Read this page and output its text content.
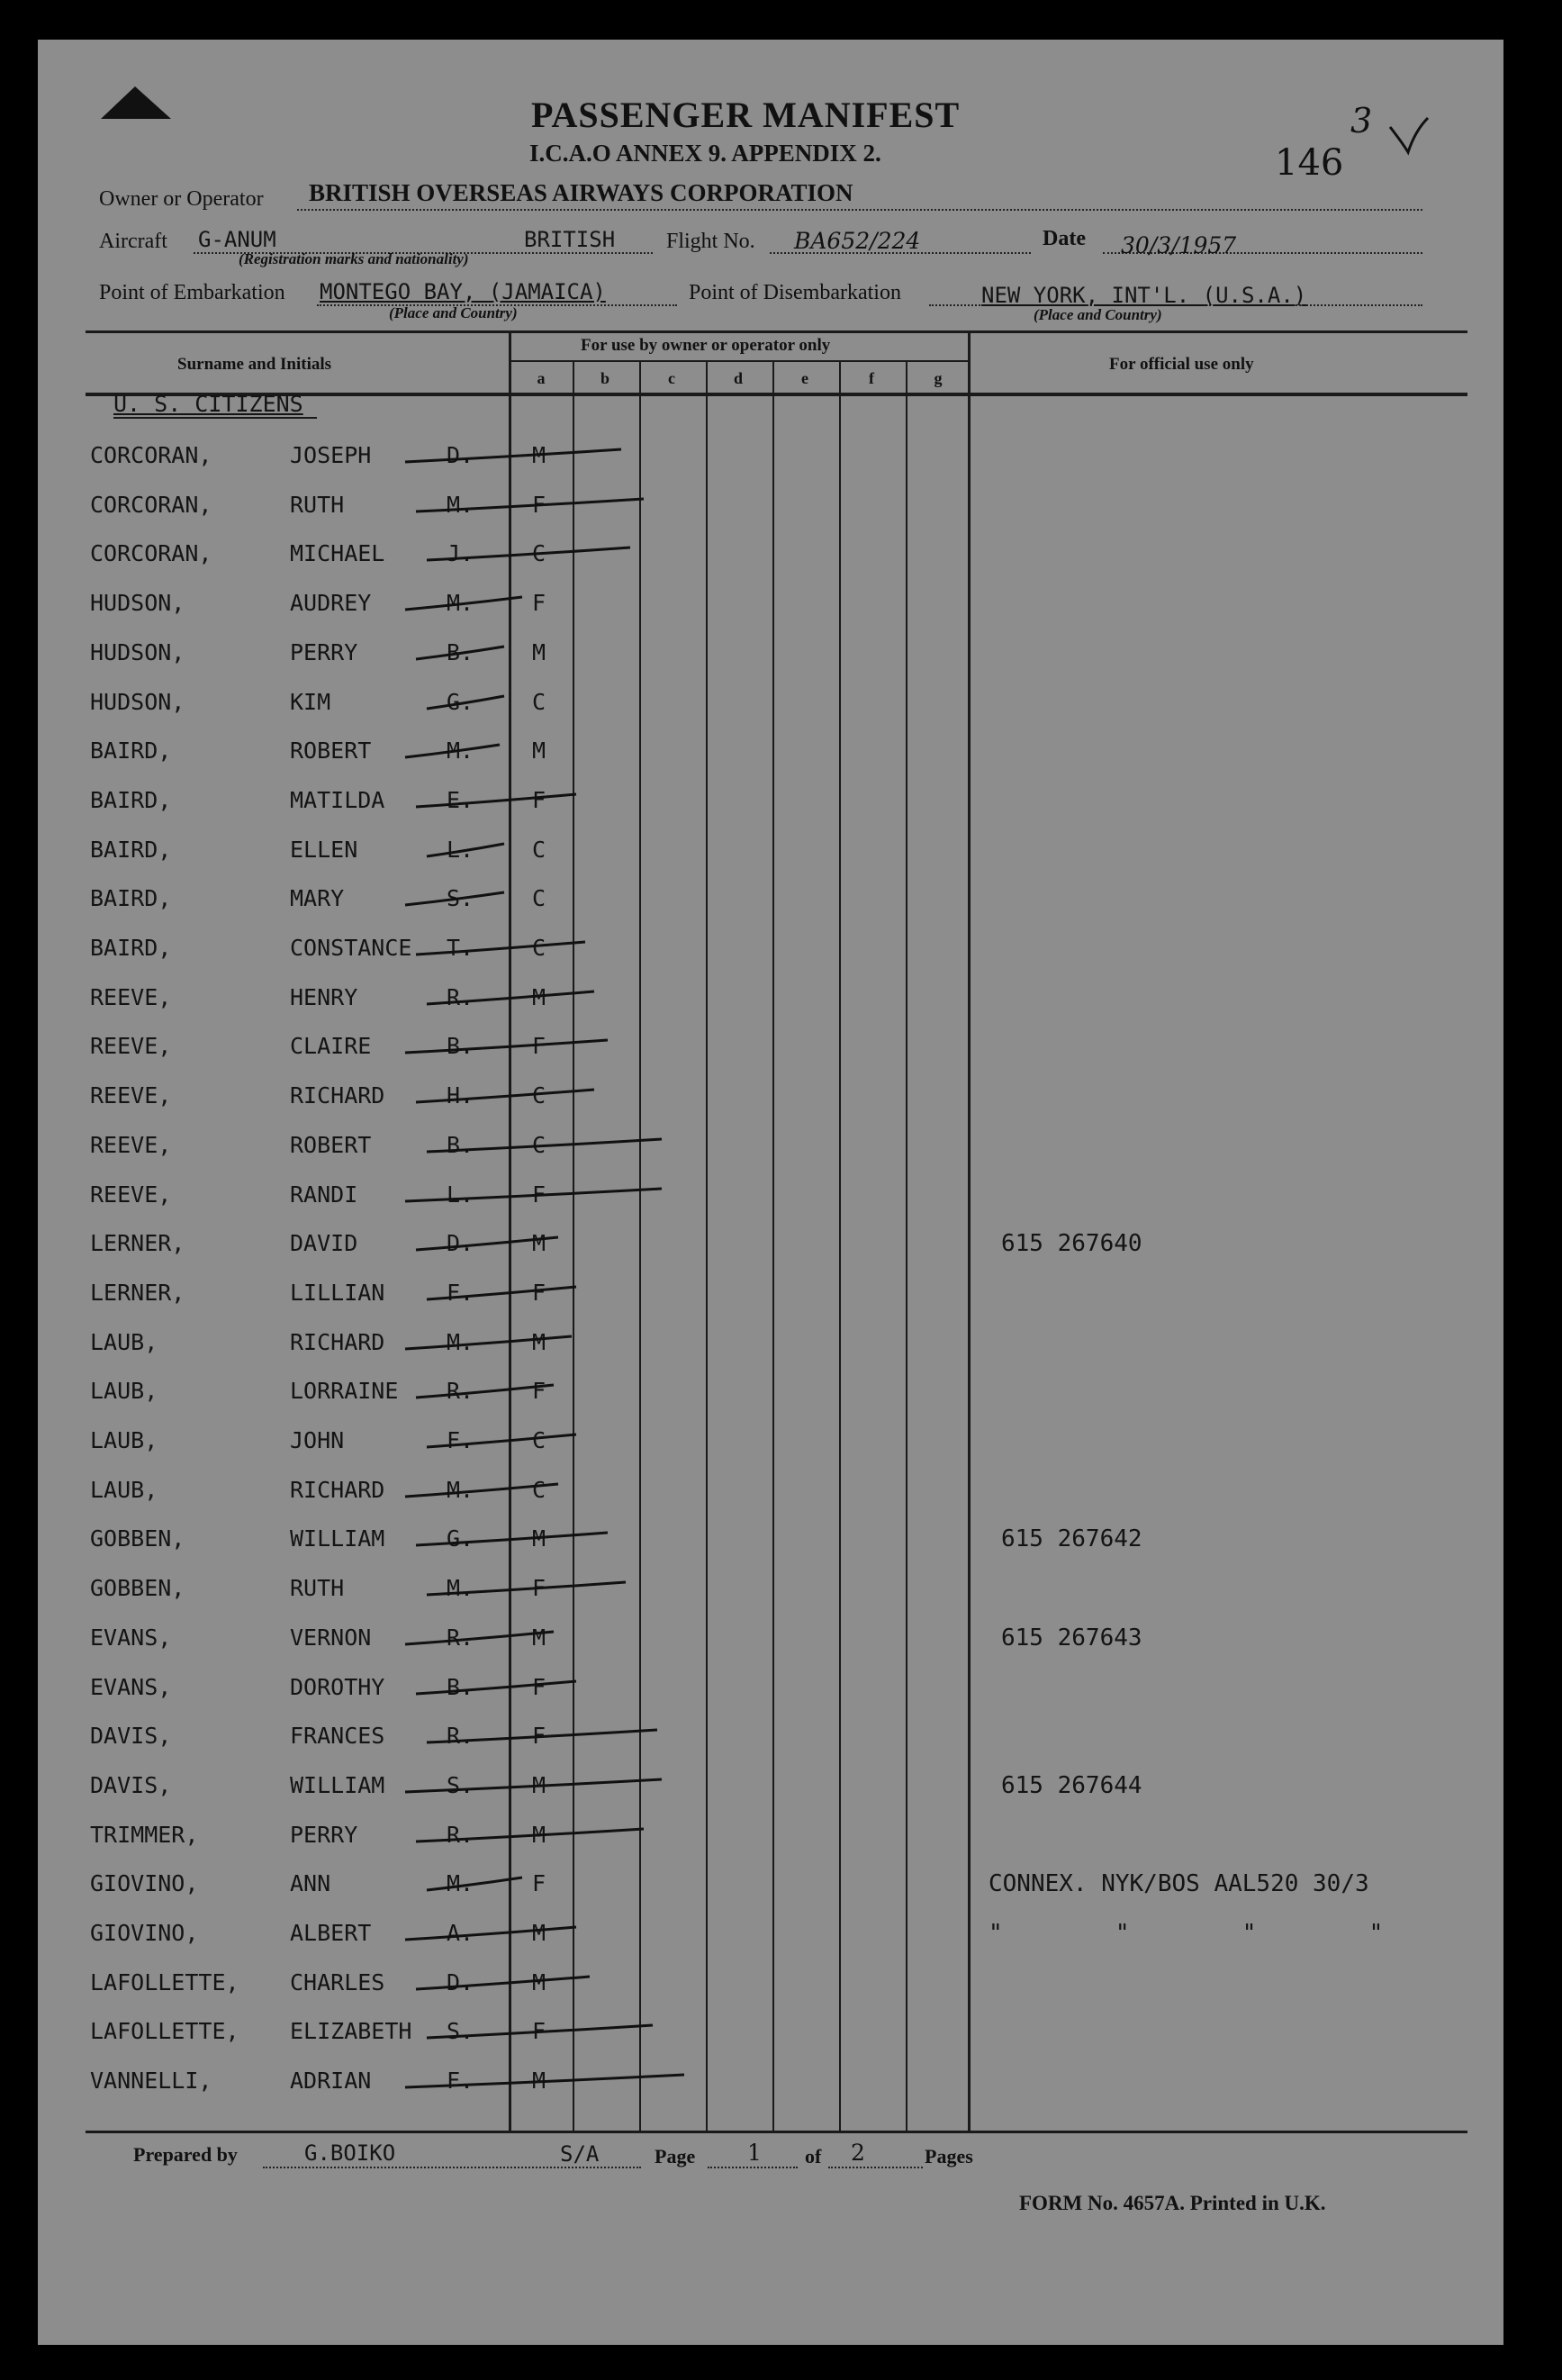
PASSENGER MANIFEST
I.C.A.O ANNEX 9. APPENDIX 2.	146
3
Owner or Operator BRITISH OVERSEAS AIRWAYS CORPORATION
Aircraft G-ANUM	BRITISH
(Registration marks and nationality)
Flight No. BA652/224	Date 30/3/1957
Point of Embarkation MONTEGO BAY, (JAMAICA)
(Place and Country)
Point of Disembarkation	NEW YORK, INT'L. (U.S.A.)
(Place and Country)
Surname and Initials
For use by owner or operator only
For official use only
a	b	c	d	e	f	g
U. S. CITIZENS
CORCORAN,	JOSEPH	D.	M
CORCORAN,	RUTH	M.	F
CORCORAN,	MICHAEL	J.	C
HUDSON,	AUDREY	M.	F
HUDSON,	PERRY	B.	M
HUDSON,	KIM	G.	C
BAIRD,	ROBERT	M.	M
BAIRD,	MATILDA	E.	F
BAIRD,	ELLEN	L.	C
BAIRD,	MARY	S.	C
BAIRD,	CONSTANCE T.	C
REEVE,	HENRY	R.	M
REEVE,	CLAIRE	B.	F
REEVE,	RICHARD	H.	C
REEVE,	ROBERT	B.	C
REEVE,	RANDI	L.	F
LERNER,	DAVID	D.	M	615 267640
LERNER,	LILLIAN	F.	F
LAUB,	RICHARD	M.	M
LAUB,	LORRAINE R.	F
LAUB,	JOHN	F.	C
LAUB,	RICHARD	M.	C
GOBBEN,	WILLIAM	G.	M	615 267642
GOBBEN,	RUTH	M.	F
EVANS,	VERNON	R.	M	615 267643
EVANS,	DOROTHY	B.	F
DAVIS,	FRANCES	R.	F
DAVIS,	WILLIAM	S.	M	615 267644
TRIMMER,	PERRY	R.	M
GIOVINO,	ANN	M.	F	CONNEX. NYK/BOS AAL520 30/3
GIOVINO,	ALBERT	A.	M	"        "        "        "
LAFOLLETTE, CHARLES	D.	M
LAFOLLETTE, ELIZABETH S.	F
VANNELLI,	ADRIAN	F.	M
Prepared by	G.BOIKO	S/A	Page 1 of 2	Pages
FORM No. 4657A. Printed in U.K.
